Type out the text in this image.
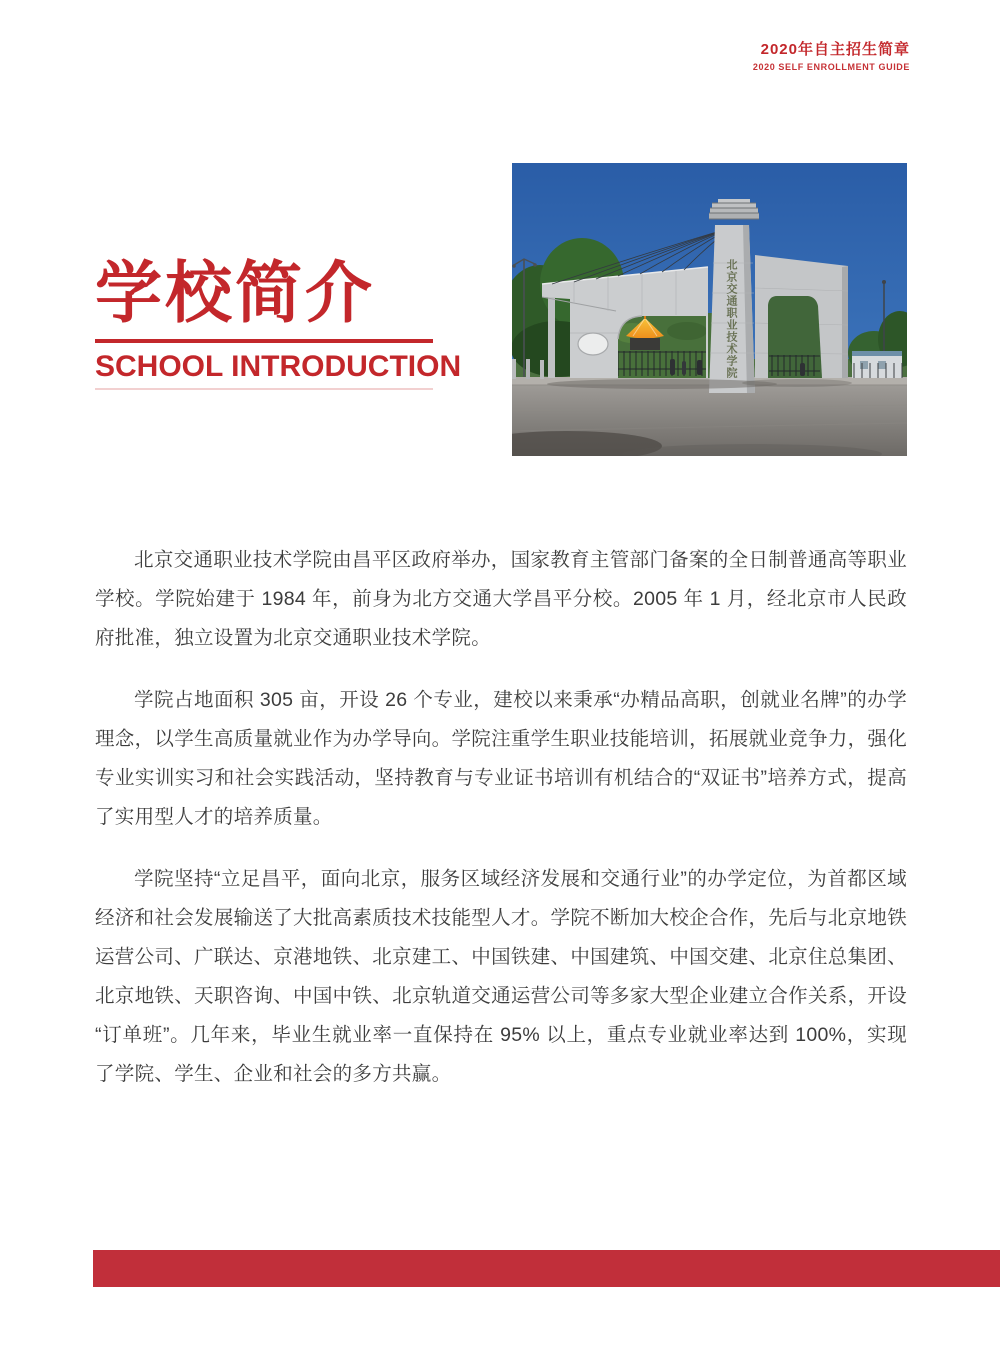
2020年自主招生简章
2020 SELF ENROLLMENT GUIDE
学校简介
SCHOOL INTRODUCTION	北京交通职业技术学院

北京交通职业技术学院由昌平区政府举办，国家教育主管部门备案的全日制普通高等职业学校。学院始建于 1984 年，前身为北方交通大学昌平分校。2005 年 1 月，经北京市人民政府批准，独立设置为北京交通职业技术学院。

学院占地面积 305 亩，开设 26 个专业，建校以来秉承“办精品高职，创就业名牌”的办学理念，以学生高质量就业作为办学导向。学院注重学生职业技能培训，拓展就业竞争力，强化专业实训实习和社会实践活动，坚持教育与专业证书培训有机结合的“双证书”培养方式，提高了实用型人才的培养质量。

学院坚持“立足昌平，面向北京，服务区域经济发展和交通行业”的办学定位，为首都区域经济和社会发展输送了大批高素质技术技能型人才。学院不断加大校企合作，先后与北京地铁运营公司、广联达、京港地铁、北京建工、中国铁建、中国建筑、中国交建、北京住总集团、北京地铁、天职咨询、中国中铁、北京轨道交通运营公司等多家大型企业建立合作关系，开设“订单班”。几年来，毕业生就业率一直保持在 95% 以上，重点专业就业率达到 100%，实现了学院、学生、企业和社会的多方共赢。
